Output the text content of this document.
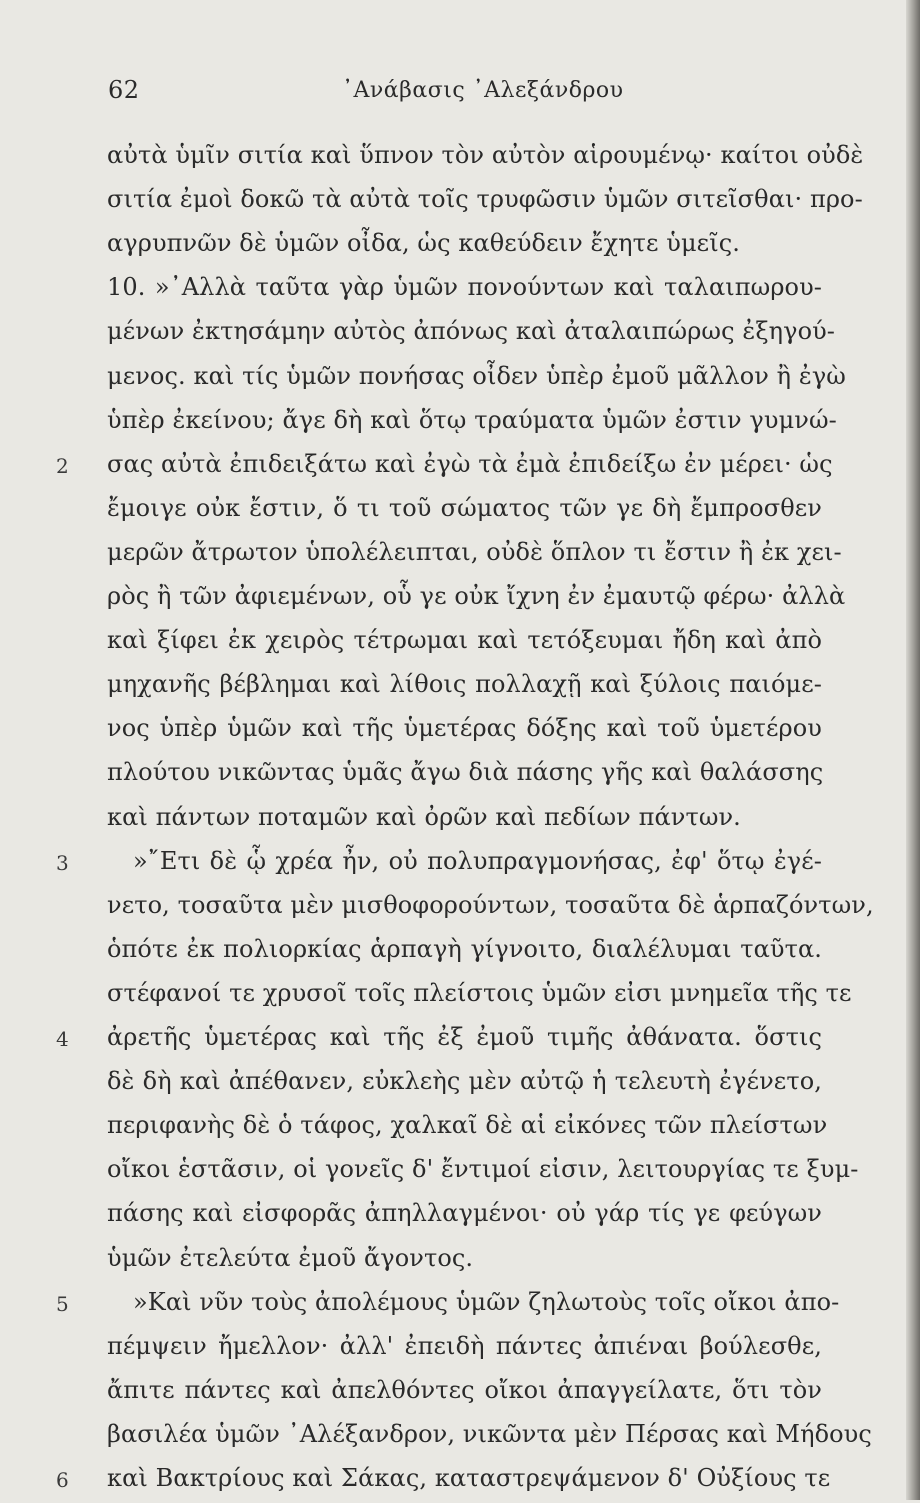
62	᾿Ανάβασις ᾿Αλεξάνδρου
αὐτὰ ὑμῖν σιτία καὶ ὕπνον τὸν αὐτὸν αἱρουμένῳ· καίτοι οὐδὲ
σιτία ἐμοὶ δοκῶ τὰ αὐτὰ τοῖς τρυφῶσιν ὑμῶν σιτεῖσθαι· προ-
αγρυπνῶν δὲ ὑμῶν οἶδα, ὡς καθεύδειν ἔχητε ὑμεῖς.
10. »᾿Αλλὰ ταῦτα γὰρ ὑμῶν πονούντων καὶ ταλαιπωρου-
μένων ἐκτησάμην αὐτὸς ἀπόνως καὶ ἀταλαιπώρως ἐξηγού-
μενος. καὶ τίς ὑμῶν πονήσας οἶδεν ὑπὲρ ἐμοῦ μᾶλλον ἢ ἐγὼ
ὑπὲρ ἐκείνου; ἄγε δὴ καὶ ὅτῳ τραύματα ὑμῶν ἐστιν γυμνώ-
σας αὐτὰ ἐπιδειξάτω καὶ ἐγὼ τὰ ἐμὰ ἐπιδείξω ἐν μέρει· ὡς
2
ἔμοιγε οὐκ ἔστιν, ὅ τι τοῦ σώματος τῶν γε δὴ ἔμπροσθεν
μερῶν ἄτρωτον ὑπολέλειπται, οὐδὲ ὅπλον τι ἔστιν ἢ ἐκ χει-
ρὸς ἢ τῶν ἀφιεμένων, οὗ γε οὐκ ἴχνη ἐν ἐμαυτῷ φέρω· ἀλλὰ
καὶ ξίφει ἐκ χειρὸς τέτρωμαι καὶ τετόξευμαι ἤδη καὶ ἀπὸ
μηχανῆς βέβλημαι καὶ λίθοις πολλαχῇ καὶ ξύλοις παιόμε-
νος ὑπὲρ ὑμῶν καὶ τῆς ὑμετέρας δόξης καὶ τοῦ ὑμετέρου
πλούτου νικῶντας ὑμᾶς ἄγω διὰ πάσης γῆς καὶ θαλάσσης
καὶ πάντων ποταμῶν καὶ ὀρῶν καὶ πεδίων πάντων.
»῎Ετι δὲ ᾧ χρέα ἦν, οὐ πολυπραγμονήσας, ἐφ' ὅτῳ ἐγέ-
3
νετο, τοσαῦτα μὲν μισθοφορούντων, τοσαῦτα δὲ ἁρπαζόντων,
ὁπότε ἐκ πολιορκίας ἁρπαγὴ γίγνοιτο, διαλέλυμαι ταῦτα.
στέφανοί τε χρυσοῖ τοῖς πλείστοις ὑμῶν εἰσι μνημεῖα τῆς τε
ἀρετῆς ὑμετέρας καὶ τῆς ἐξ ἐμοῦ τιμῆς ἀθάνατα. ὅστις
4
δὲ δὴ καὶ ἀπέθανεν, εὐκλεὴς μὲν αὐτῷ ἡ τελευτὴ ἐγένετο,
περιφανὴς δὲ ὁ τάφος, χαλκαῖ δὲ αἱ εἰκόνες τῶν πλείστων
οἴκοι ἑστᾶσιν, οἱ γονεῖς δ' ἔντιμοί εἰσιν, λειτουργίας τε ξυμ-
πάσης καὶ εἰσφορᾶς ἀπηλλαγμένοι· οὐ γάρ τίς γε φεύγων
ὑμῶν ἐτελεύτα ἐμοῦ ἄγοντος.
»Καὶ νῦν τοὺς ἀπολέμους ὑμῶν ζηλωτοὺς τοῖς οἴκοι ἀπο-
5
πέμψειν ἤμελλον· ἀλλ' ἐπειδὴ πάντες ἀπιέναι βούλεσθε,
ἄπιτε πάντες καὶ ἀπελθόντες οἴκοι ἀπαγγείλατε, ὅτι τὸν
βασιλέα ὑμῶν ᾿Αλέξανδρον, νικῶντα μὲν Πέρσας καὶ Μήδους
καὶ Βακτρίους καὶ Σάκας, καταστρεψάμενον δ' Οὐξίους τε
6
